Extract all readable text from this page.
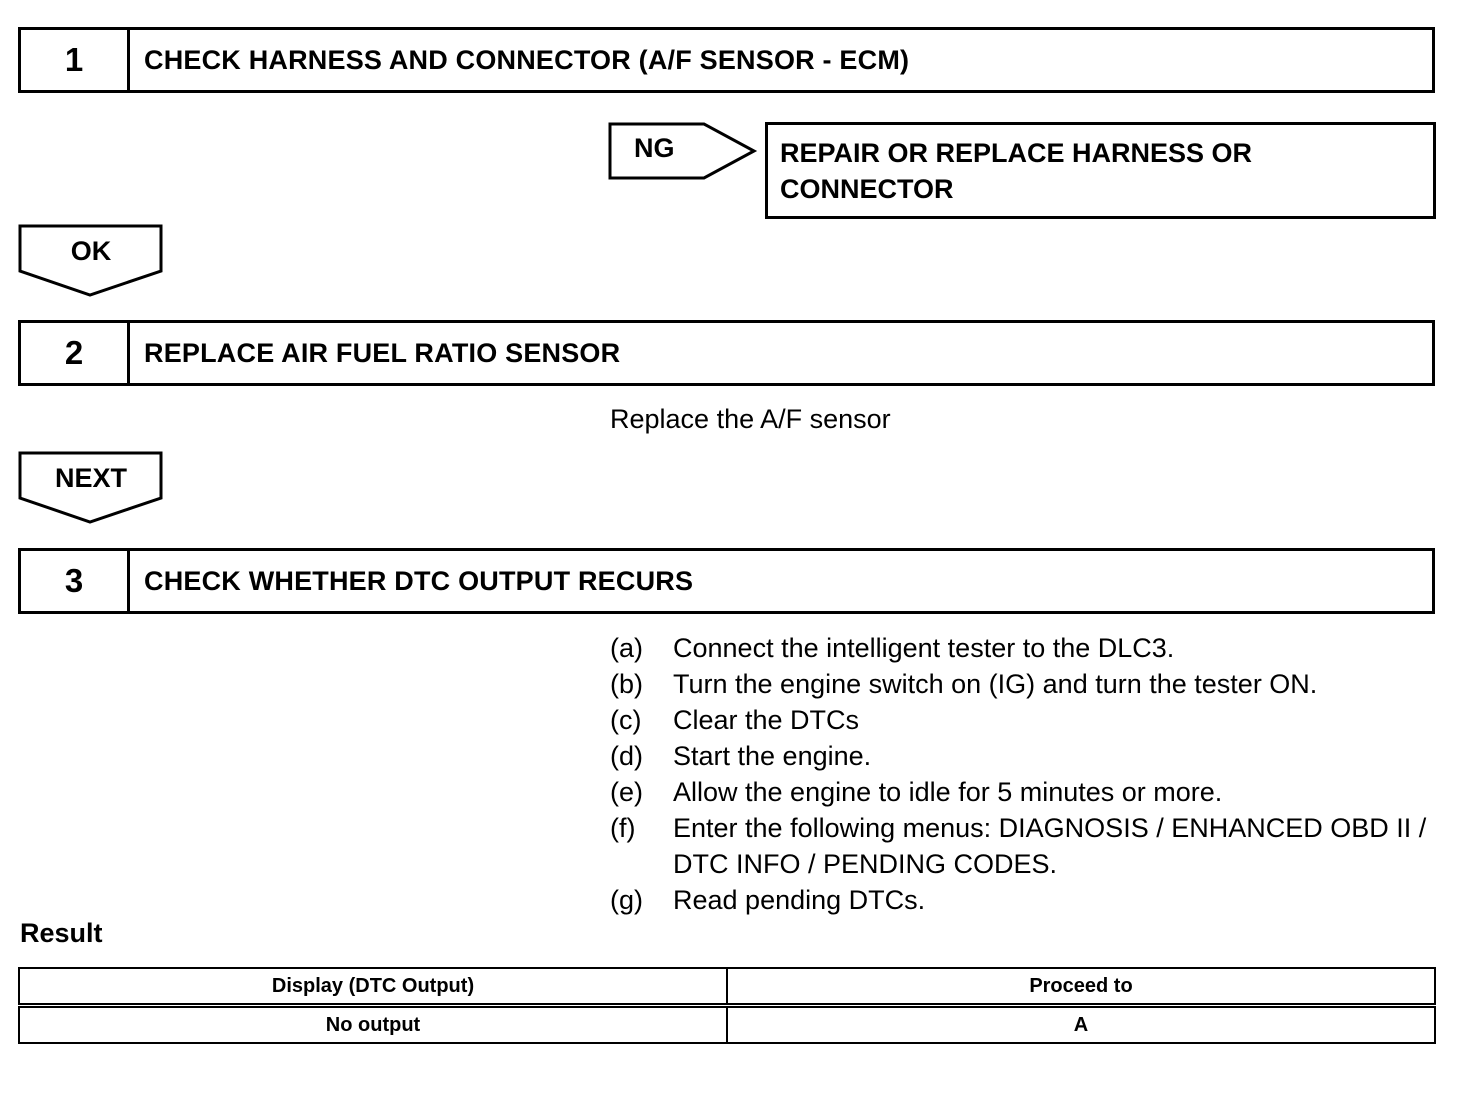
1	CHECK HARNESS AND CONNECTOR (A/F SENSOR - ECM)
NG	REPAIR OR REPLACE HARNESS OR
CONNECTOR
OK
2	REPLACE AIR FUEL RATIO SENSOR
Replace the A/F sensor
NEXT
3	CHECK WHETHER DTC OUTPUT RECURS
(a)	Connect the intelligent tester to the DLC3.
(b)	Turn the engine switch on (IG) and turn the tester ON.
(c)	Clear the DTCs
(d)	Start the engine.
(e)	Allow the engine to idle for 5 minutes or more.
(f)	Enter the following menus: DIAGNOSIS / ENHANCED OBD II / DTC INFO / PENDING CODES.
(g)	Read pending DTCs.
Result
Display (DTC Output)	Proceed to
No output	A
